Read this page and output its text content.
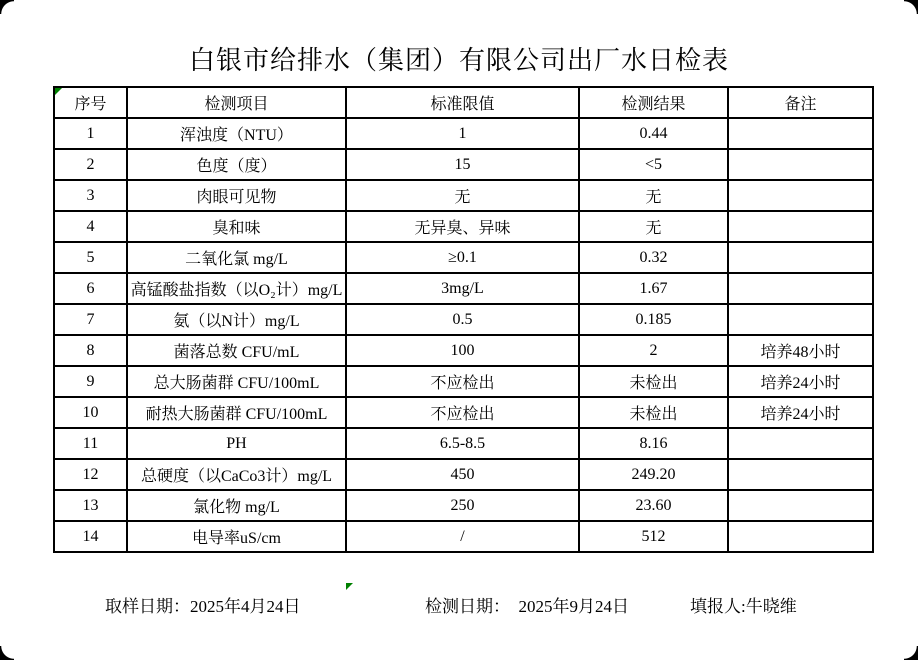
白银市给排水（集团）有限公司出厂水日检表
序号	检测项目	标准限值	检测结果	备注
1	浑浊度（NTU）	1	0.44	
2	色度（度）	15	<5	
3	肉眼可见物	无	无	
4	臭和味	无异臭、异味	无	
5	二氧化氯 mg/L	≥0.1	0.32	
6	高锰酸盐指数（以O₂计）mg/L	3mg/L	1.67	
7	氨（以N计）mg/L	0.5	0.185	
8	菌落总数 CFU/mL	100	2	培养48小时
9	总大肠菌群 CFU/100mL	不应检出	未检出	培养24小时
10	耐热大肠菌群 CFU/100mL	不应检出	未检出	培养24小时
11	PH	6.5-8.5	8.16	
12	总硬度（以CaCo3计）mg/L	450	249.20	
13	氯化物 mg/L	250	23.60	
14	电导率uS/cm	/	512	
取样日期：2025年4月24日	检测日期：　2025年9月24日	填报人:牛晓维
